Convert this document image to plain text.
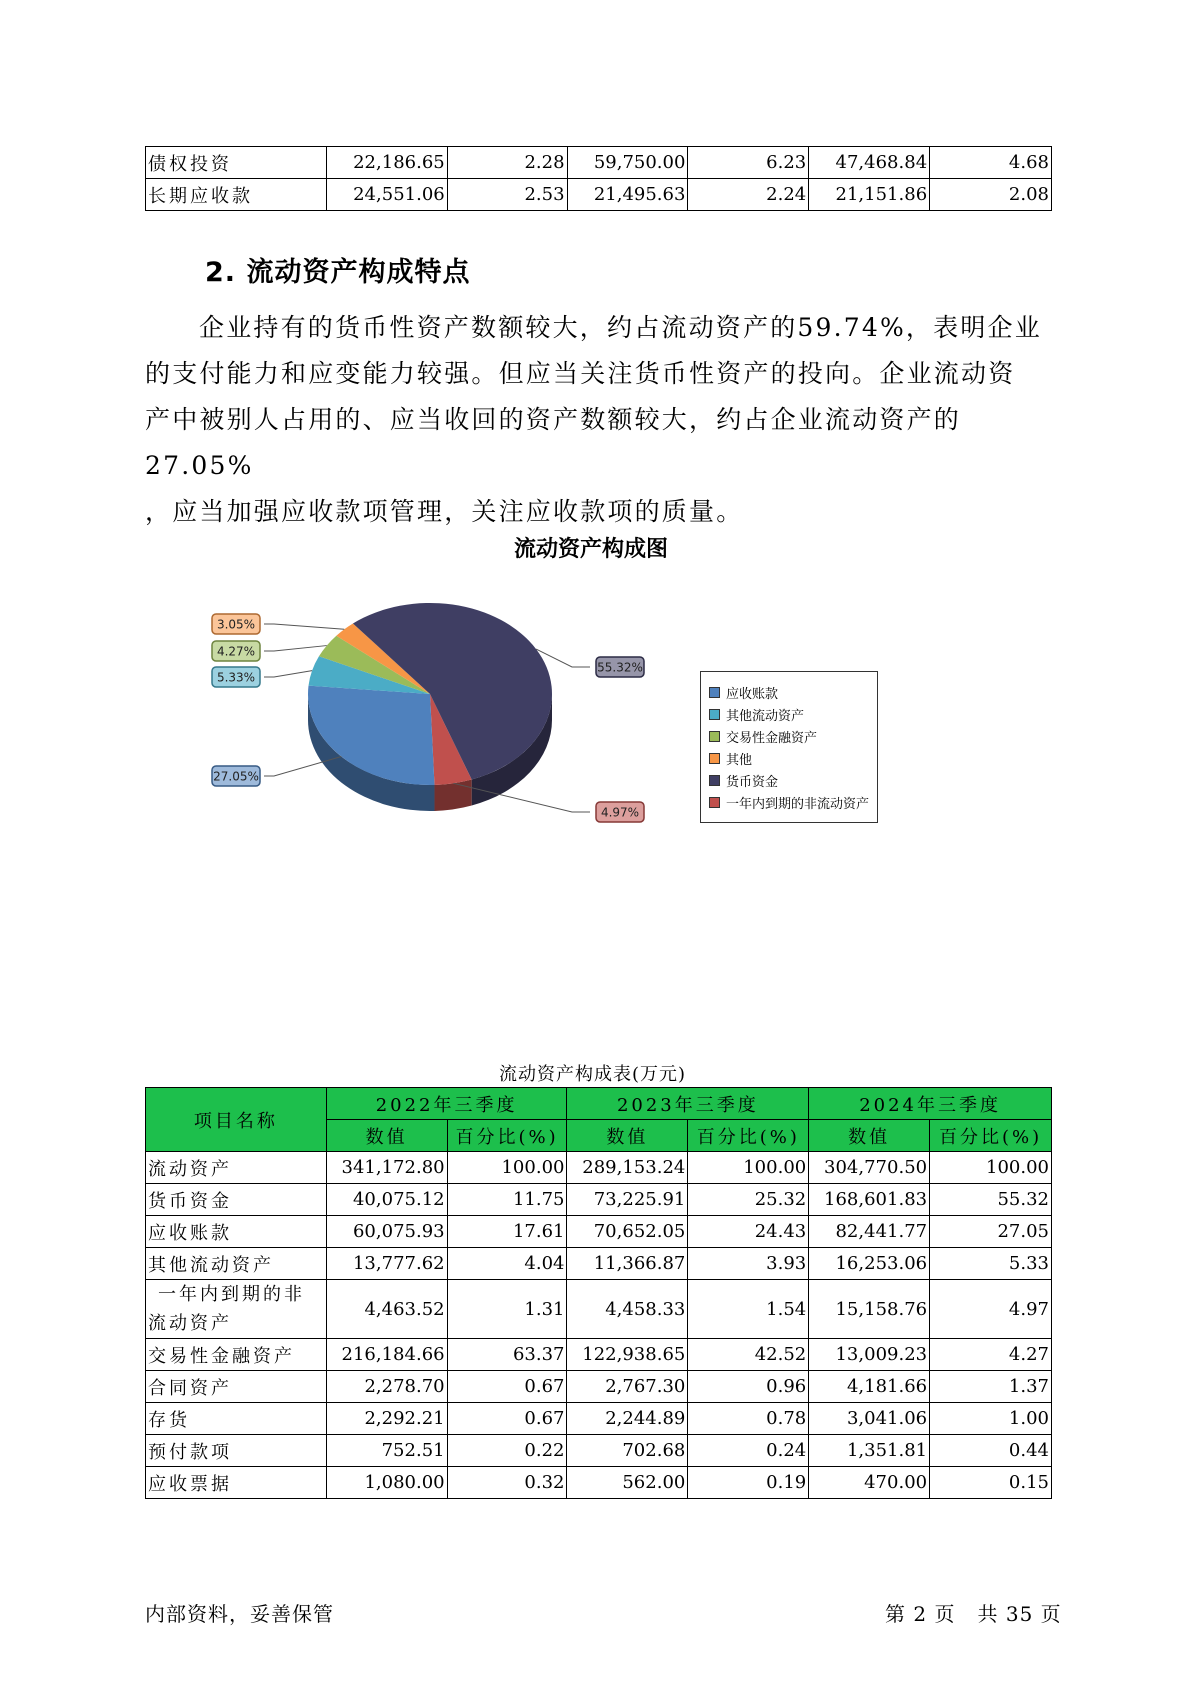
债权投资	22,186.65	2.28	59,750.00	6.23	47,468.84	4.68
长期应收款	24,551.06	2.53	21,495.63	2.24	21,151.86	2.08
2. 流动资产构成特点
企业持有的货币性资产数额较大，约占流动资产的59.74%，表明企业
的支付能力和应变能力较强。但应当关注货币性资产的投向。企业流动资
产中被别人占用的、应当收回的资产数额较大，约占企业流动资产的27.05%
，应当加强应收款项管理，关注应收款项的质量。
流动资产构成图
4.97%
27.05%
5.33%
4.27%
3.05%
55.32%
应收账款
其他流动资产
交易性金融资产
其他
货币资金
一年内到期的非流动资产
流动资产构成表(万元)
项目名称	2022年三季度		2023年三季度		2024年三季度	
	数值	百分比(%)	数值	百分比(%)	数值	百分比(%)
流动资产	341,172.80	100.00	289,153.24	100.00	304,770.50	100.00
货币资金	40,075.12	11.75	73,225.91	25.32	168,601.83	55.32
应收账款	60,075.93	17.61	70,652.05	24.43	82,441.77	27.05
其他流动资产	13,777.62	4.04	11,366.87	3.93	16,253.06	5.33
一年内到期的非流动资产	4,463.52	1.31	4,458.33	1.54	15,158.76	4.97
交易性金融资产	216,184.66	63.37	122,938.65	42.52	13,009.23	4.27
合同资产	2,278.70	0.67	2,767.30	0.96	4,181.66	1.37
存货	2,292.21	0.67	2,244.89	0.78	3,041.06	1.00
预付款项	752.51	0.22	702.68	0.24	1,351.81	0.44
应收票据	1,080.00	0.32	562.00	0.19	470.00	0.15
内部资料，妥善保管	第 2 页   共 35 页
